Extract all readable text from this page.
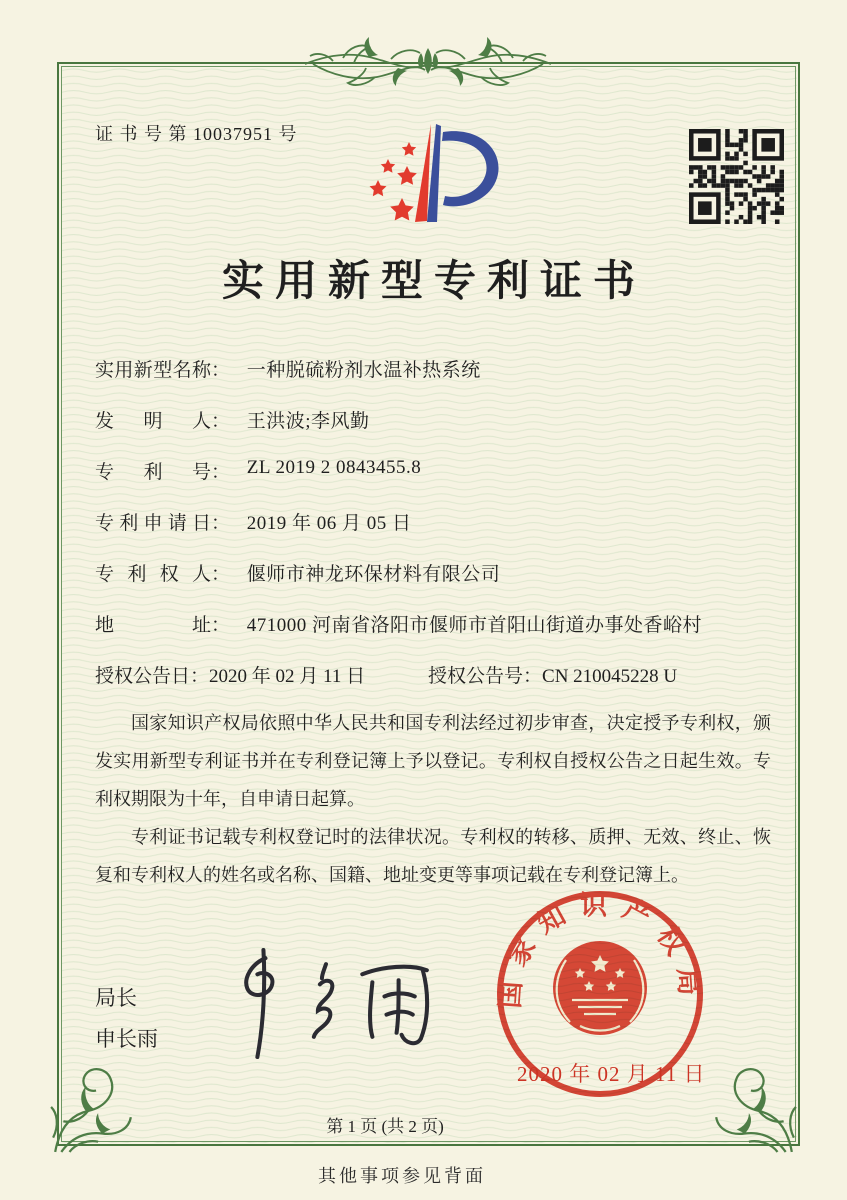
证 书 号 第 10037951 号
实用新型专利证书
实用新型名称： 一种脱硫粉剂水温补热系统
发明人： 王洪波;李风勤
专利号： ZL 2019 2 0843455.8
专利申请日： 2019 年 06 月 05 日
专利权人： 偃师市神龙环保材料有限公司
地址： 471000 河南省洛阳市偃师市首阳山街道办事处香峪村
授权公告日：2020 年 02 月 11 日	授权公告号：CN 210045228 U

国家知识产权局依照中华人民共和国专利法经过初步审查，决定授予专利权，颁发实用新型专利证书并在专利登记簿上予以登记。专利权自授权公告之日起生效。专利权期限为十年，自申请日起算。

专利证书记载专利权登记时的法律状况。专利权的转移、质押、无效、终止、恢复和专利权人的姓名或名称、国籍、地址变更等事项记载在专利登记簿上。

局长
申长雨
国家知识产权局
2020 年 02 月 11 日
第 1 页 (共 2 页)
其他事项参见背面
